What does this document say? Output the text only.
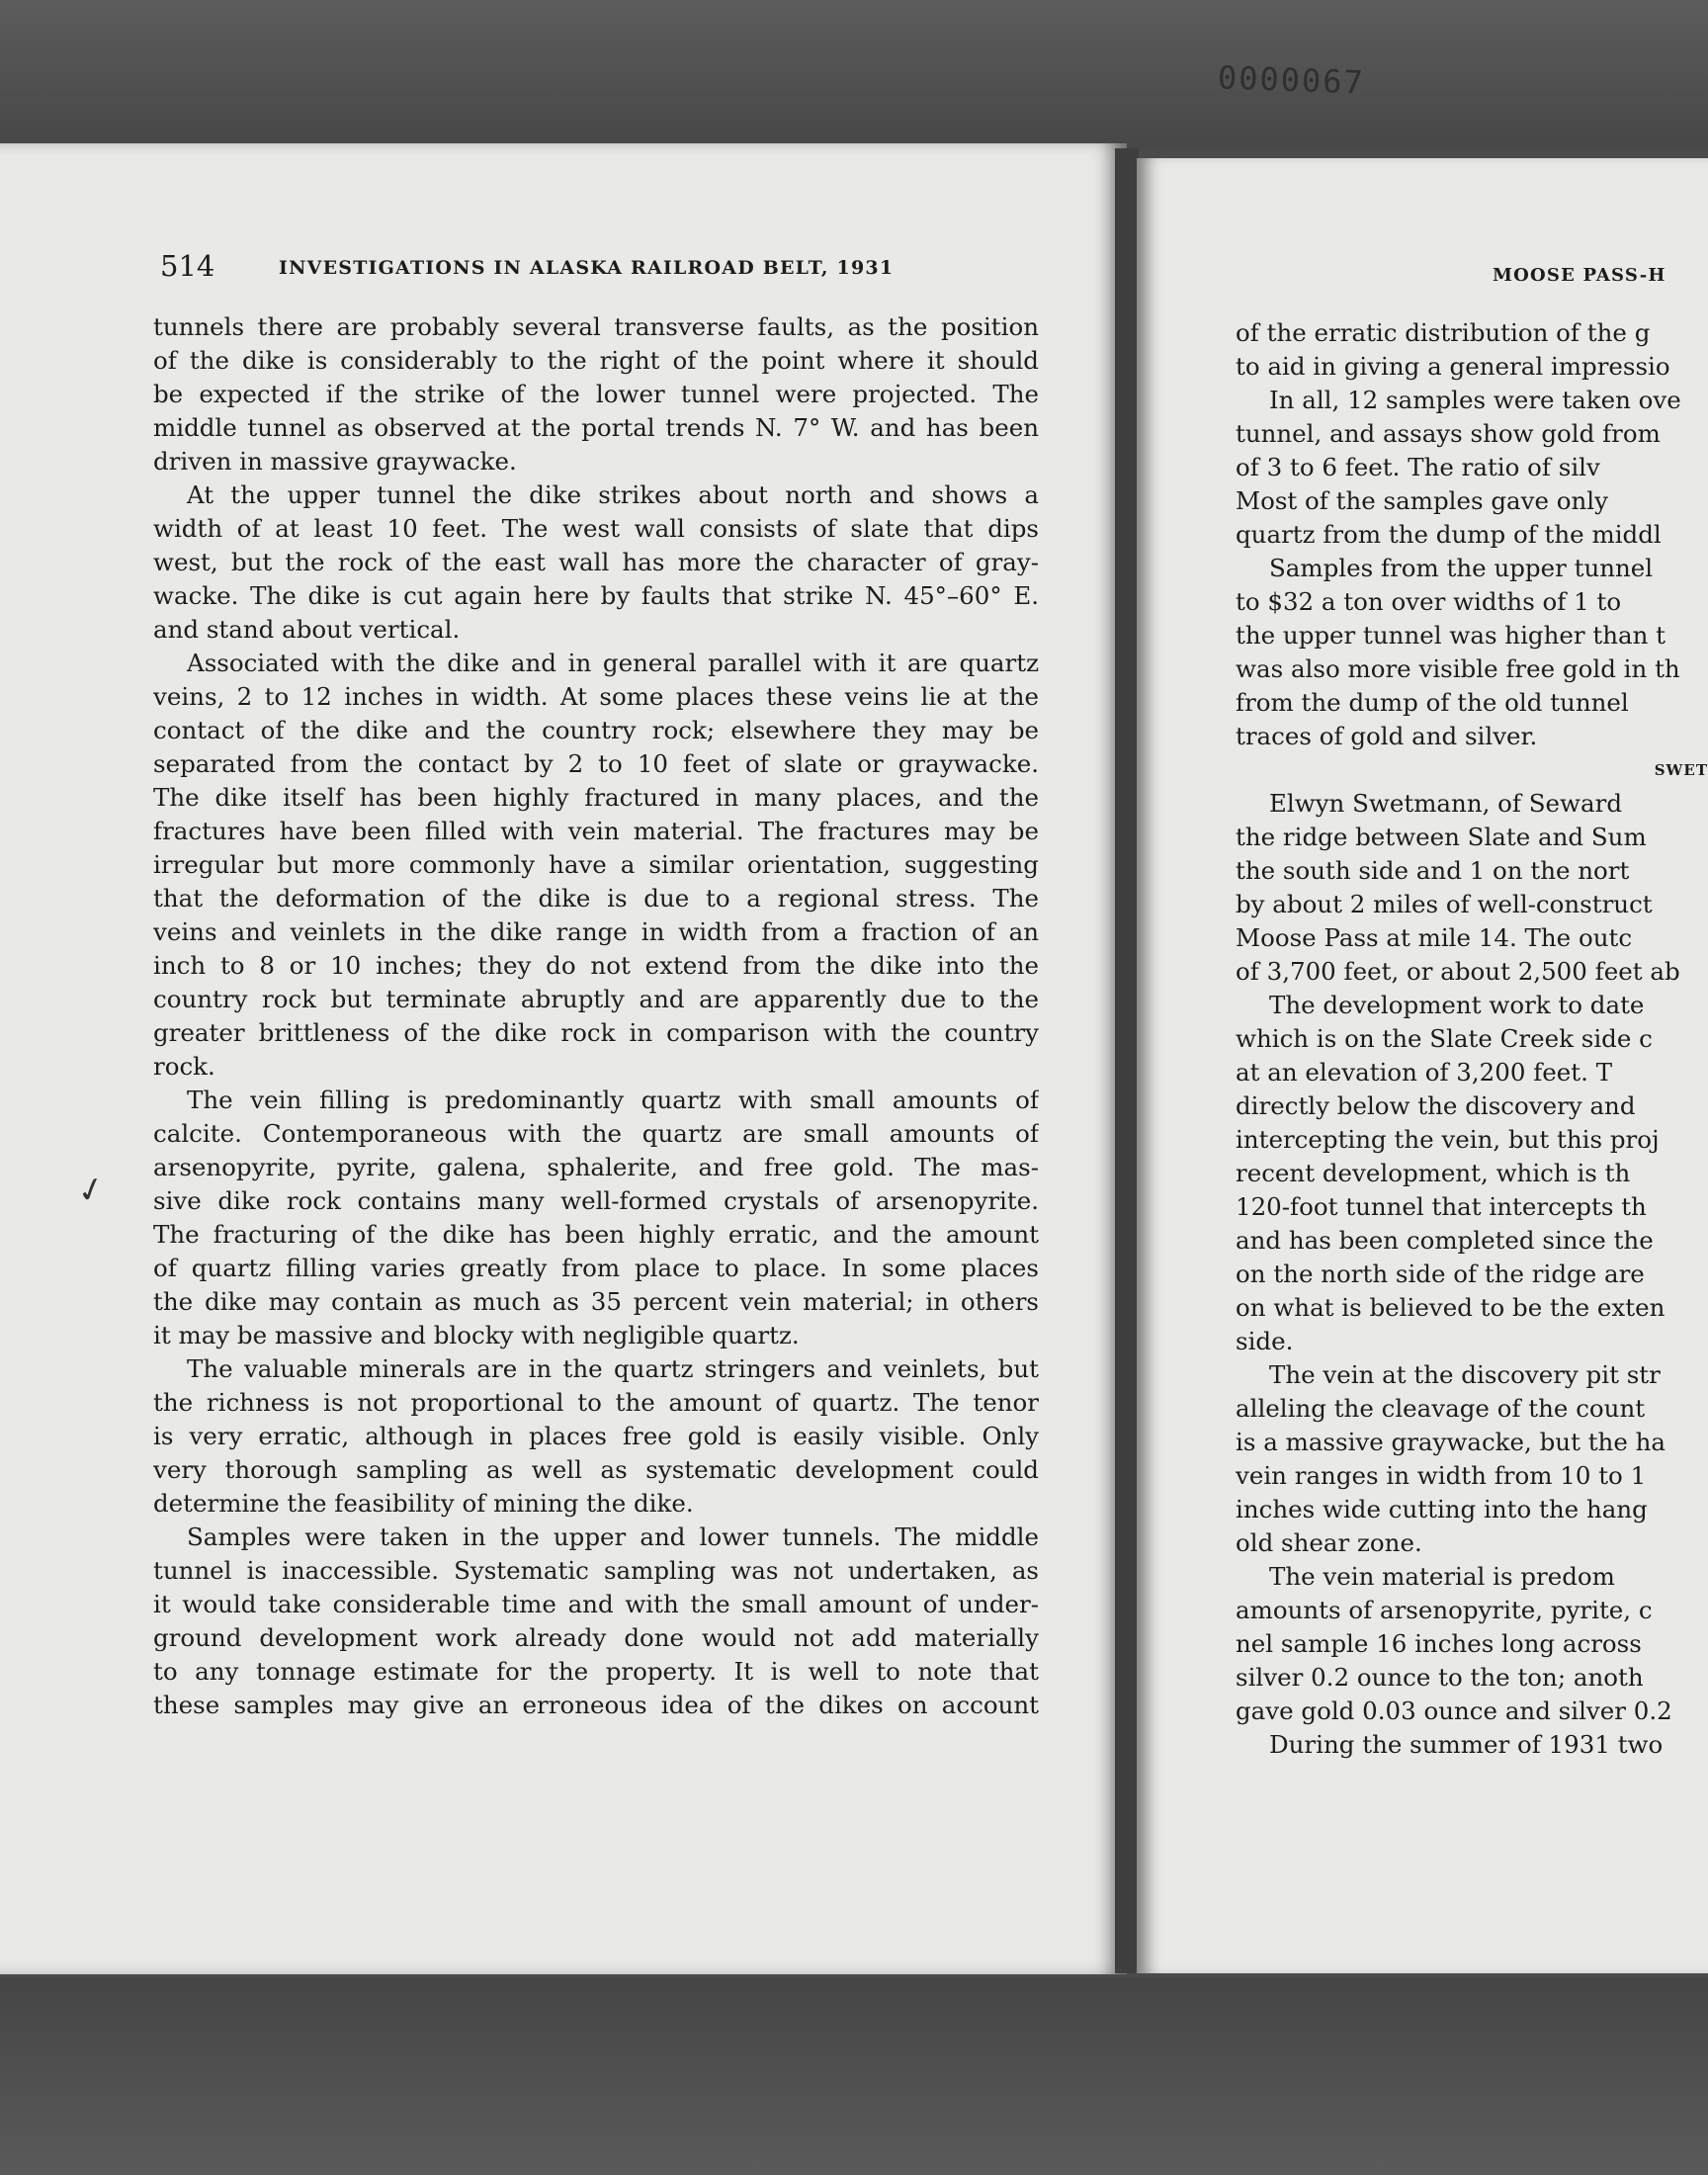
0000067
514	INVESTIGATIONS IN ALASKA RAILROAD BELT, 1931	MOOSE PASS-H
✓
tunnels there are probably several transverse faults, as the position
of the dike is considerably to the right of the point where it should
be expected if the strike of the lower tunnel were projected. The
middle tunnel as observed at the portal trends N. 7° W. and has been
driven in massive graywacke.
At the upper tunnel the dike strikes about north and shows a
width of at least 10 feet. The west wall consists of slate that dips
west, but the rock of the east wall has more the character of gray-
wacke. The dike is cut again here by faults that strike N. 45°–60° E.
and stand about vertical.
Associated with the dike and in general parallel with it are quartz
veins, 2 to 12 inches in width. At some places these veins lie at the
contact of the dike and the country rock; elsewhere they may be
separated from the contact by 2 to 10 feet of slate or graywacke.
The dike itself has been highly fractured in many places, and the
fractures have been filled with vein material. The fractures may be
irregular but more commonly have a similar orientation, suggesting
that the deformation of the dike is due to a regional stress. The
veins and veinlets in the dike range in width from a fraction of an
inch to 8 or 10 inches; they do not extend from the dike into the
country rock but terminate abruptly and are apparently due to the
greater brittleness of the dike rock in comparison with the country
rock.
The vein filling is predominantly quartz with small amounts of
calcite. Contemporaneous with the quartz are small amounts of
arsenopyrite, pyrite, galena, sphalerite, and free gold. The mas-
sive dike rock contains many well-formed crystals of arsenopyrite.
The fracturing of the dike has been highly erratic, and the amount
of quartz filling varies greatly from place to place. In some places
the dike may contain as much as 35 percent vein material; in others
it may be massive and blocky with negligible quartz.
The valuable minerals are in the quartz stringers and veinlets, but
the richness is not proportional to the amount of quartz. The tenor
is very erratic, although in places free gold is easily visible. Only
very thorough sampling as well as systematic development could
determine the feasibility of mining the dike.
Samples were taken in the upper and lower tunnels. The middle
tunnel is inaccessible. Systematic sampling was not undertaken, as
it would take considerable time and with the small amount of under-
ground development work already done would not add materially
to any tonnage estimate for the property. It is well to note that
these samples may give an erroneous idea of the dikes on account
of the erratic distribution of the g
to aid in giving a general impressio
In all, 12 samples were taken ove
tunnel, and assays show gold from
of 3 to 6 feet. The ratio of silv
Most of the samples gave only
quartz from the dump of the middl
Samples from the upper tunnel
to $32 a ton over widths of 1 to
the upper tunnel was higher than t
was also more visible free gold in th
from the dump of the old tunnel
traces of gold and silver.
SWET
Elwyn Swetmann, of Seward
the ridge between Slate and Sum
the south side and 1 on the nort
by about 2 miles of well-construct
Moose Pass at mile 14. The outc
of 3,700 feet, or about 2,500 feet ab
The development work to date
which is on the Slate Creek side c
at an elevation of 3,200 feet. T
directly below the discovery and
intercepting the vein, but this proj
recent development, which is th
120-foot tunnel that intercepts th
and has been completed since the
on the north side of the ridge are
on what is believed to be the exten
side.
The vein at the discovery pit str
alleling the cleavage of the count
is a massive graywacke, but the ha
vein ranges in width from 10 to 1
inches wide cutting into the hang
old shear zone.
The vein material is predom
amounts of arsenopyrite, pyrite, c
nel sample 16 inches long across
silver 0.2 ounce to the ton; anoth
gave gold 0.03 ounce and silver 0.2
During the summer of 1931 two
